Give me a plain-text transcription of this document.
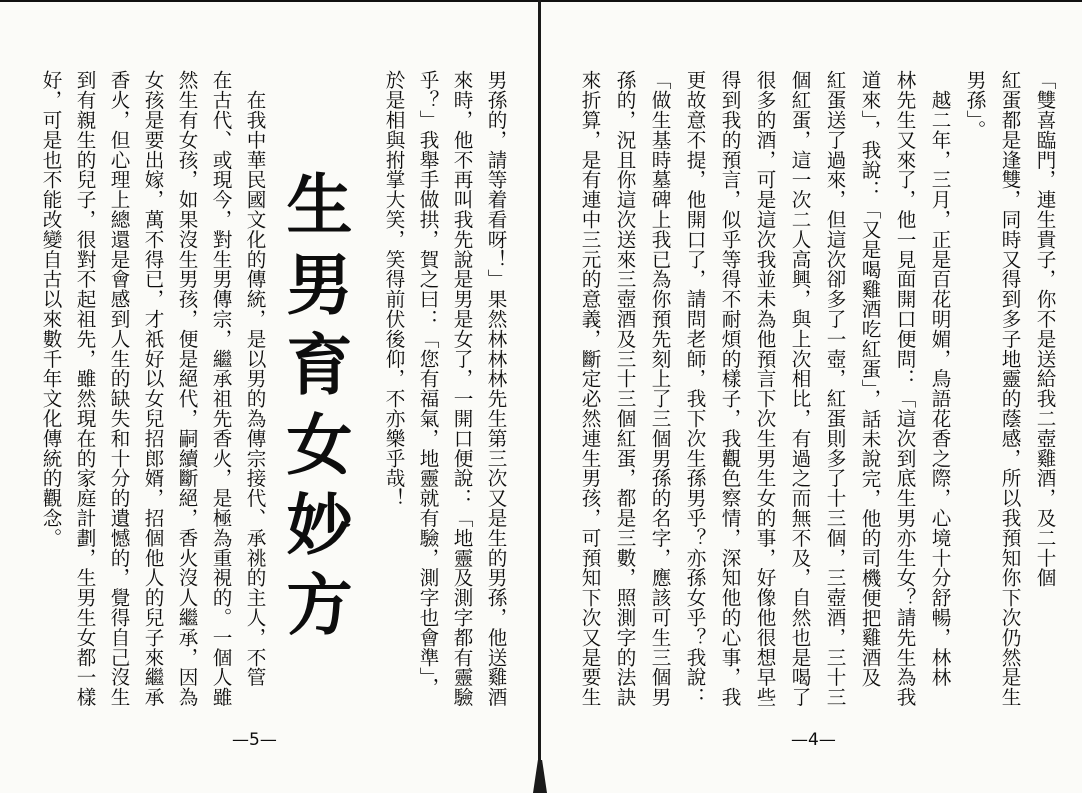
「雙喜臨門，連生貴子，你不是送給我二壺雞酒，及二十個
紅蛋都是逢雙，同時又得到多子地靈的蔭感，所以我預知你下次仍然是生
男孫」。
　越二年，三月，正是百花明媚，鳥語花香之際，心境十分舒暢，林林
林先生又來了，他一見面開口便問：「這次到底生男亦生女？請先生為我
道來」，我說：「又是喝雞酒吃紅蛋」，話未說完，他的司機便把雞酒及
紅蛋送了過來，但這次卻多了一壺，紅蛋則多了十三個，三壺酒，三十三
個紅蛋，這一次二人高興，與上次相比，有過之而無不及，自然也是喝了
很多的酒，可是這次我並未為他預言下次生男生女的事，好像他很想早些
得到我的預言，似乎等得不耐煩的樣子，我觀色察情，深知他的心事，我
更故意不提，他開口了，請問老師，我下次生孫男乎？亦孫女乎？我說：
「做生基時墓碑上我已為你預先刻上了三個男孫的名字，應該可生三個男
孫的，況且你這次送來三壺酒及三十三個紅蛋，都是三數，照測字的法訣
來折算，是有連中三元的意義，斷定必然連生男孩，可預知下次又是要生
—4—
男孫的，請等着看呀！」果然林林林先生第三次又是生的男孫，他送雞酒
來時，他不再叫我先說是男是女了，一開口便說：「地靈及測字都有靈驗
乎？」我舉手做拱，賀之曰：「您有福氣，地靈就有驗，測字也會準」，
於是相與拊掌大笑，笑得前伏後仰，不亦樂乎哉！
生男育女妙方
　在我中華民國文化的傳統，是以男的為傳宗接代、承祧的主人，不管
在古代、或現今，對生男傳宗，繼承祖先香火，是極為重視的。一個人雖
然生有女孩，如果沒生男孩，便是絕代，嗣續斷絕，香火沒人繼承，因為
女孩是要出嫁，萬不得已，才祇好以女兒招郎婿，招個他人的兒子來繼承
香火，但心理上總還是會感到人生的缺失和十分的遺憾的，覺得自己沒生
到有親生的兒子，很對不起祖先，雖然現在的家庭計劃，生男生女都一樣
好，可是也不能改變自古以來數千年文化傳統的觀念。
—5—
